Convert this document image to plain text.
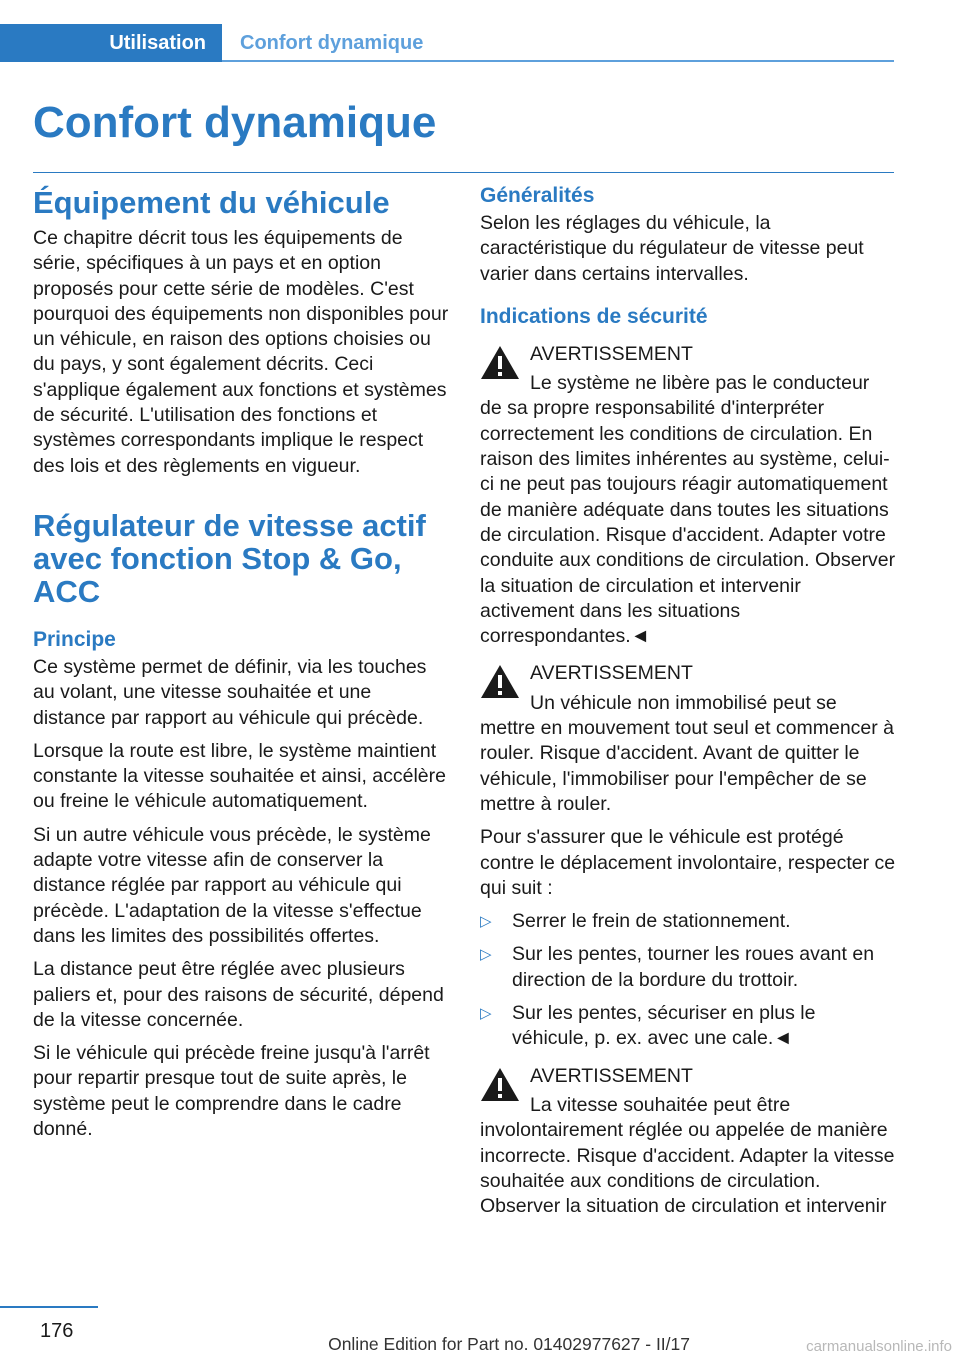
Utilisation	Confort dynamique
Confort dynamique
Équipement du véhicule

Ce chapitre décrit tous les équipements de série, spécifiques à un pays et en option proposés pour cette série de modèles. C'est pourquoi des équipements non disponibles pour un véhicule, en raison des options choisies ou du pays, y sont également décrits. Ceci s'applique également aux fonctions et systèmes de sécurité. L'utilisation des fonctions et systèmes correspondants implique le respect des lois et des règlements en vigueur.

Régulateur de vitesse actif avec fonction Stop & Go, ACC
Principe

Ce système permet de définir, via les touches au volant, une vitesse souhaitée et une distance par rapport au véhicule qui précède.

Lorsque la route est libre, le système maintient constante la vitesse souhaitée et ainsi, accélère ou freine le véhicule automatiquement.

Si un autre véhicule vous précède, le système adapte votre vitesse afin de conserver la distance réglée par rapport au véhicule qui précède. L'adaptation de la vitesse s'effectue dans les limites des possibilités offertes.

La distance peut être réglée avec plusieurs paliers et, pour des raisons de sécurité, dépend de la vitesse concernée.

Si le véhicule qui précède freine jusqu'à l'arrêt pour repartir presque tout de suite après, le système peut le comprendre dans le cadre donné.

Généralités

Selon les réglages du véhicule, la caractéristique du régulateur de vitesse peut varier dans certains intervalles.

Indications de sécurité
AVERTISSEMENT

Le système ne libère pas le conducteur de sa propre responsabilité d'interpréter correctement les conditions de circulation. En raison des limites inhérentes au système, celui-ci ne peut pas toujours réagir automatiquement de manière adéquate dans toutes les situations de circulation. Risque d'accident. Adapter votre conduite aux conditions de circulation. Observer la situation de circulation et intervenir activement dans les situations correspondantes.◄

AVERTISSEMENT

Un véhicule non immobilisé peut se mettre en mouvement tout seul et commencer à rouler. Risque d'accident. Avant de quitter le véhicule, l'immobiliser pour l'empêcher de se mettre à rouler.

Pour s'assurer que le véhicule est protégé contre le déplacement involontaire, respecter ce qui suit :

▷ Serrer le frein de stationnement.
▷ Sur les pentes, tourner les roues avant en direction de la bordure du trottoir.
▷ Sur les pentes, sécuriser en plus le véhicule, p. ex. avec une cale.◄
AVERTISSEMENT

La vitesse souhaitée peut être involontairement réglée ou appelée de manière incorrecte. Risque d'accident. Adapter la vitesse souhaitée aux conditions de circulation. Observer la situation de circulation et intervenir

176
Online Edition for Part no. 01402977627 - II/17	carmanualsonline.info
